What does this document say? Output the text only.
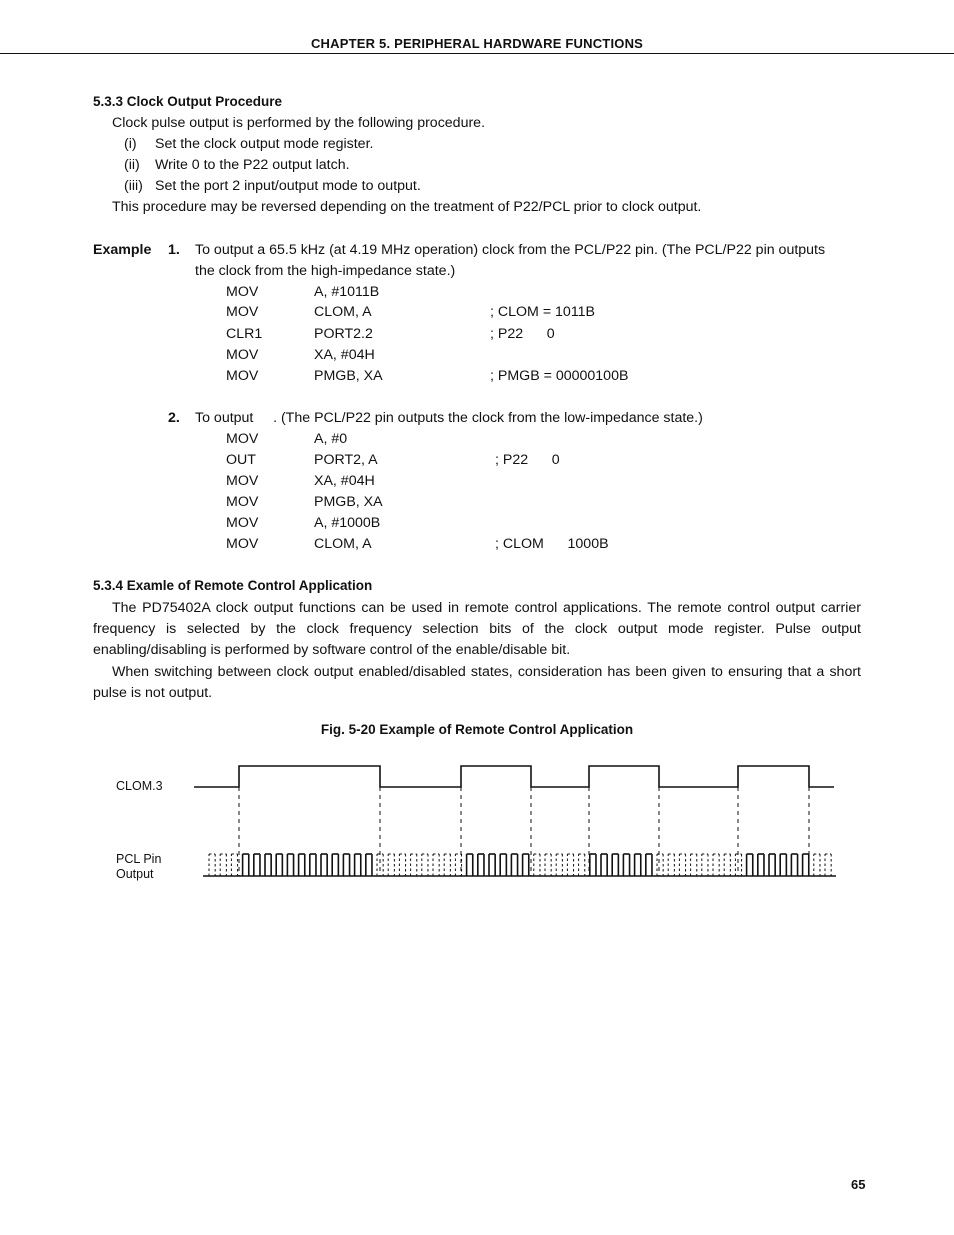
CHAPTER 5. PERIPHERAL HARDWARE FUNCTIONS
5.3.3 Clock Output Procedure
Clock pulse output is performed by the following procedure.
(i) Set the clock output mode register.
(ii) Write 0 to the P22 output latch.
(iii) Set the port 2 input/output mode to output.
This procedure may be reversed depending on the treatment of P22/PCL prior to clock output.
Example 1. To output a 65.5 kHz (at 4.19 MHz operation) clock from the PCL/P22 pin. (The PCL/P22 pin outputs
the clock from the high-impedance state.)
MOV	A, #1011B
MOV	CLOM, A	; CLOM = 1011B
CLR1	PORT2.2	; P22      0
MOV	XA, #04H
MOV	PMGB, XA	; PMGB = 00000100B
2. To output     . (The PCL/P22 pin outputs the clock from the low-impedance state.)
MOV	A, #0
OUT	PORT2, A	; P22      0
MOV	XA, #04H
MOV	PMGB, XA
MOV	A, #1000B
MOV	CLOM, A	; CLOM      1000B
5.3.4 Examle of Remote Control Application
The PD75402A clock output functions can be used in remote control applications. The remote control output carrier frequency is selected by the clock frequency selection bits of the clock output mode register. Pulse output enabling/disabling is performed by software control of the enable/disable bit.
When switching between clock output enabled/disabled states, consideration has been given to ensuring that a short pulse is not output.
Fig. 5-20 Example of Remote Control Application
CLOM.3
PCL Pin
Output
65
